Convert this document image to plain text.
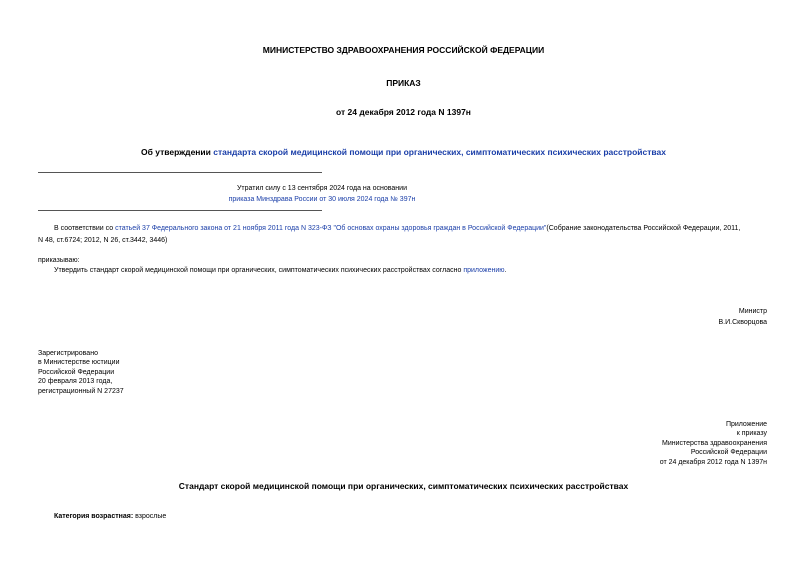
МИНИСТЕРСТВО ЗДРАВООХРАНЕНИЯ РОССИЙСКОЙ ФЕДЕРАЦИИ
ПРИКАЗ
от 24 декабря 2012 года N 1397н
Об утверждении стандарта скорой медицинской помощи при органических, симптоматических психических расстройствах
Утратил силу с 13 сентября 2024 года на основании
приказа Минздрава России от 30 июля 2024 года № 397н
В соответствии со статьей 37 Федерального закона от 21 ноября 2011 года N 323-ФЗ "Об основах охраны здоровья граждан в Российской Федерации"(Собрание законодательства Российской Федерации, 2011,
N 48, ст.6724; 2012, N 26, ст.3442, 3446)
приказываю:
Утвердить стандарт скорой медицинской помощи при органических, симптоматических психических расстройствах согласно приложению.
Министр
В.И.Скворцова
Зарегистрировано
в Министерстве юстиции
Российской Федерации
20 февраля 2013 года,
регистрационный N 27237
Приложение
к приказу
Министерства здравоохранения
Российской Федерации
от 24 декабря 2012 года N 1397н
Стандарт скорой медицинской помощи при органических, симптоматических психических расстройствах
Категория возрастная: взрослые
